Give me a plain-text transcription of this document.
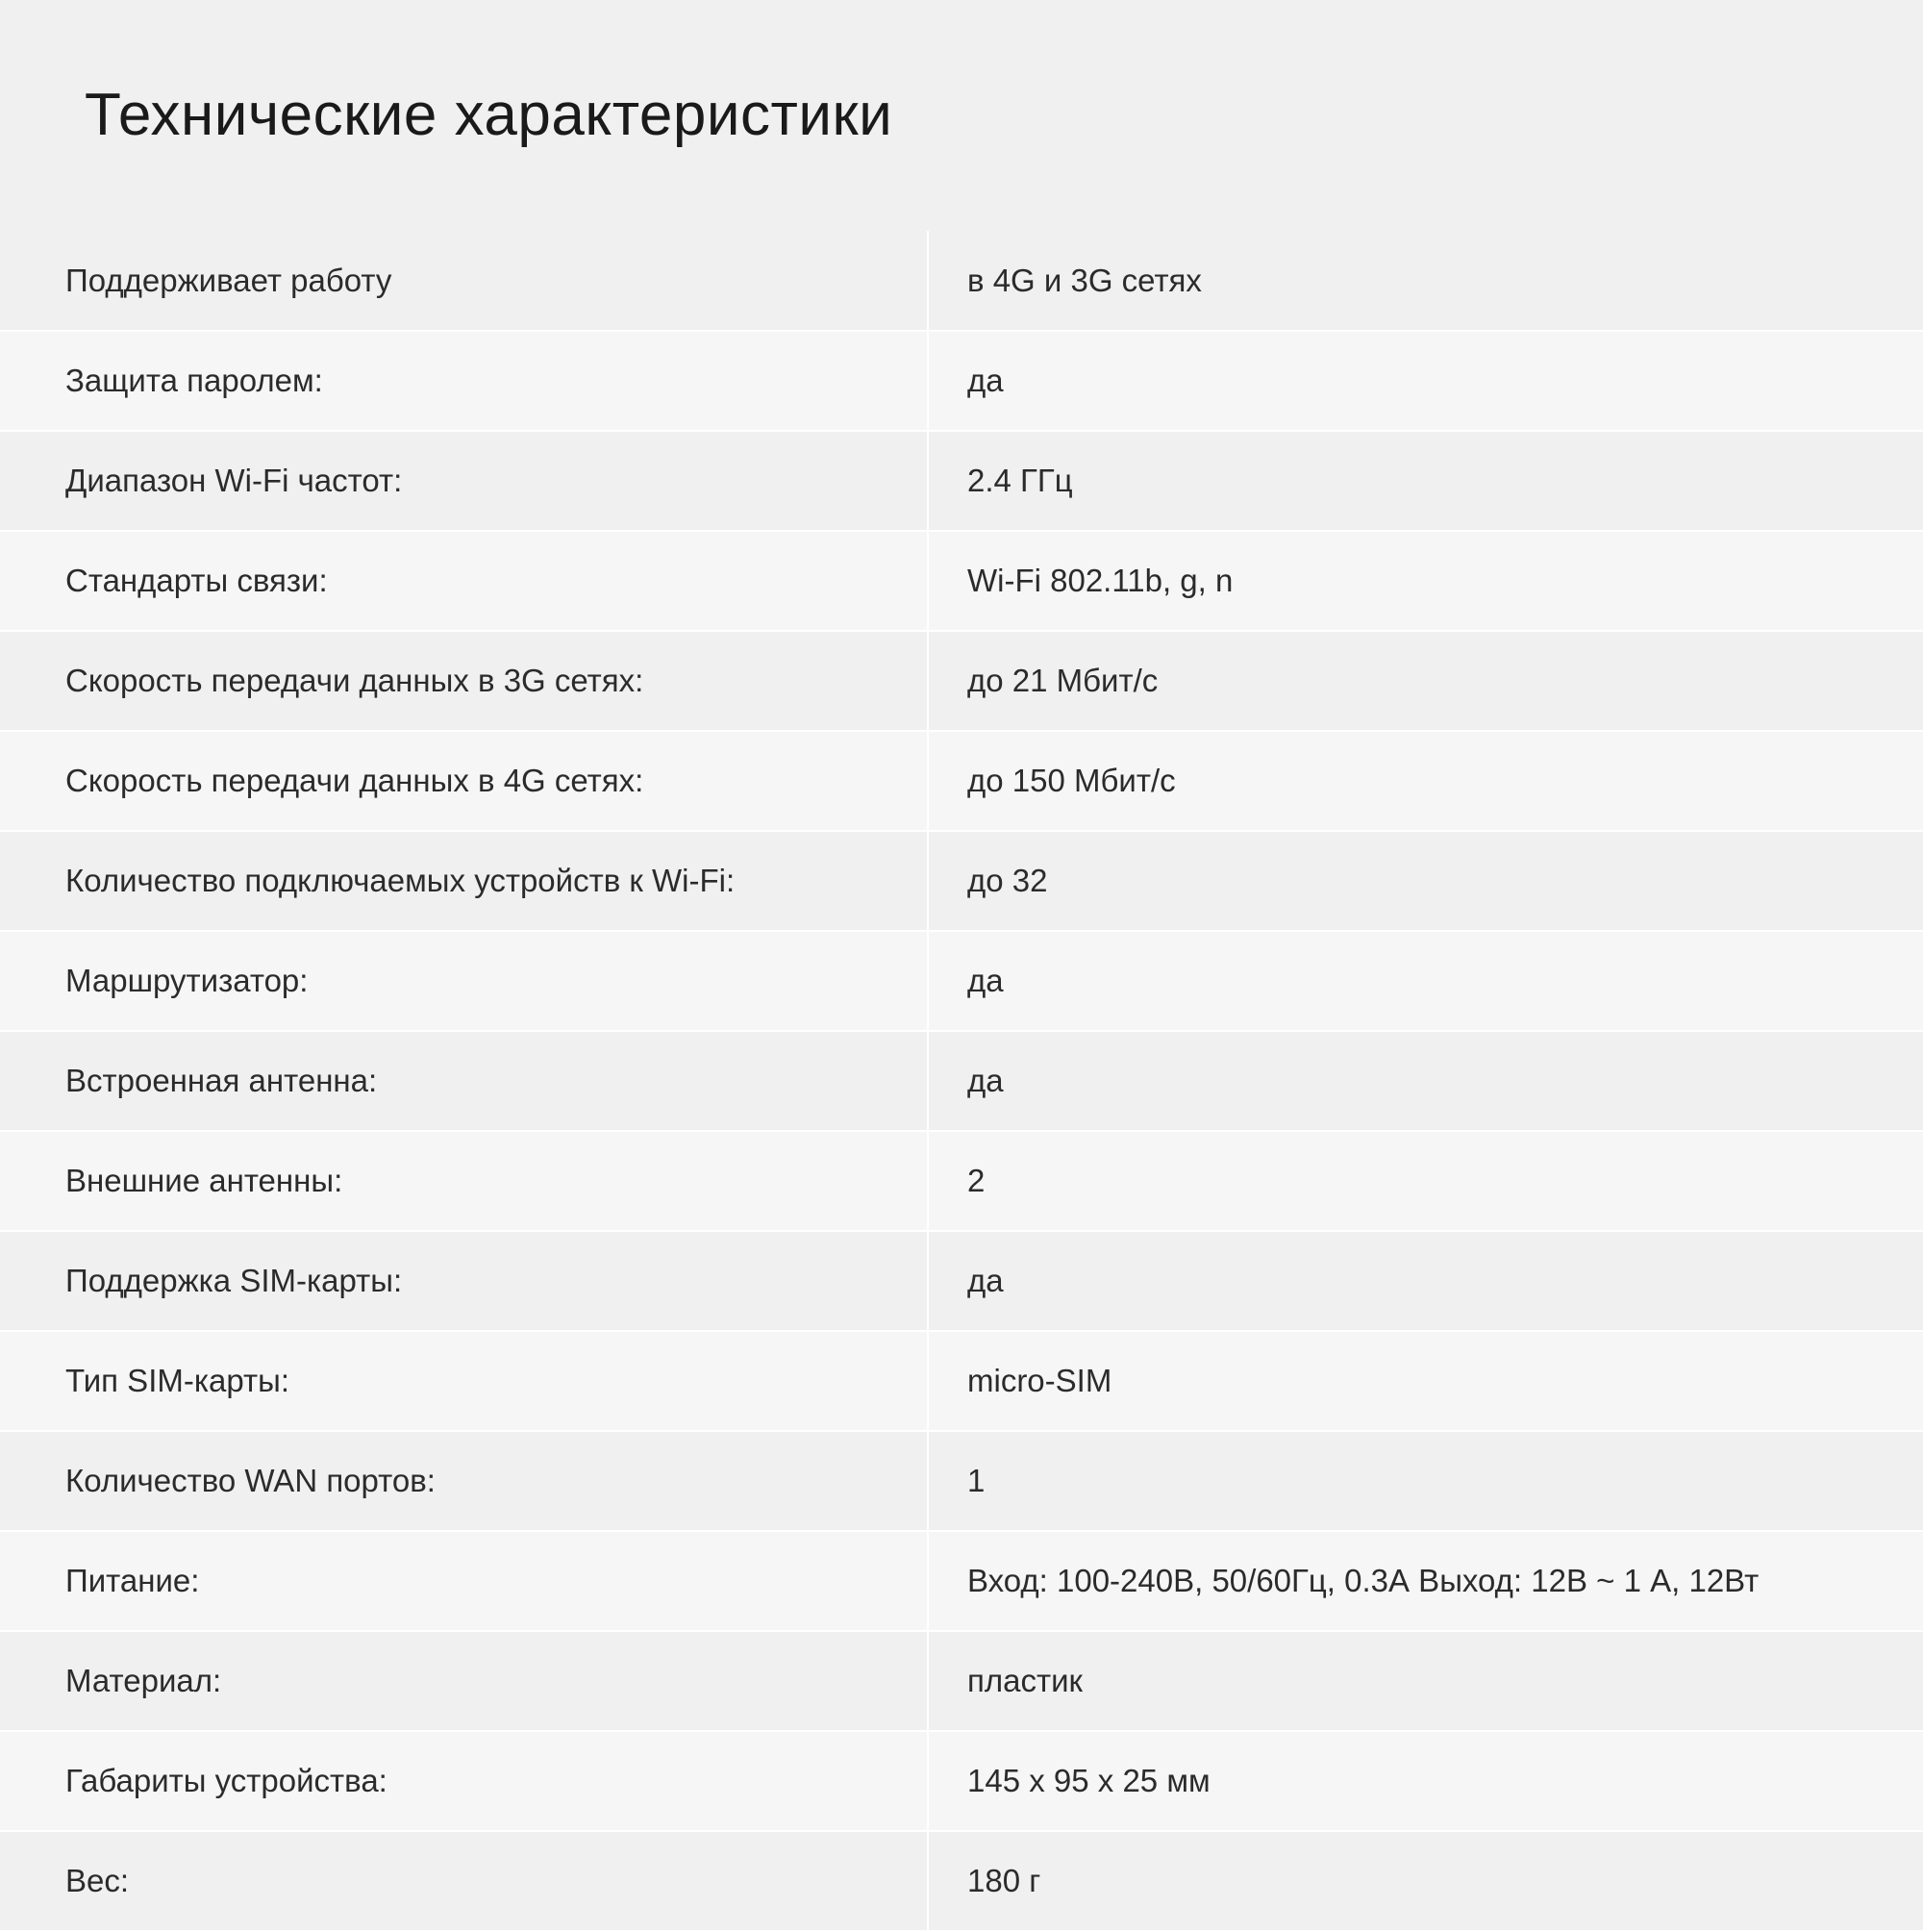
Технические характеристики
Поддерживает работу	в 4G и 3G сетях
Защита паролем:	да
Диапазон Wi-Fi частот:	2.4 ГГц
Стандарты связи:	Wi-Fi 802.11b, g, n
Скорость передачи данных в 3G сетях:	до 21 Мбит/с
Скорость передачи данных в 4G сетях:	до 150 Мбит/с
Количество подключаемых устройств к Wi-Fi:	до 32
Маршрутизатор:	да
Встроенная антенна:	да
Внешние антенны:	2
Поддержка SIM-карты:	да
Тип SIM-карты:	micro-SIM
Количество WAN портов:	1
Питание:	Вход: 100-240В, 50/60Гц, 0.3А Выход: 12В ~ 1 А, 12Вт
Материал:	пластик
Габариты устройства:	145 х 95 х 25 мм
Вес:	180 г
